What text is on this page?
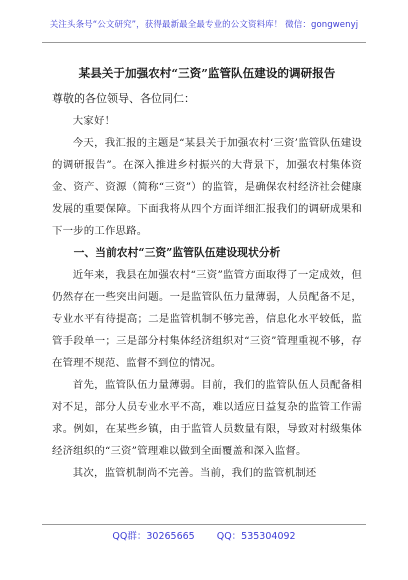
关注头条号“公文研究”，获得最新最全最专业的公文资料库！ 微信：gongwenyj

某县关于加强农村“三资”监管队伍建设的调研报告

尊敬的各位领导、各位同仁：

大家好！

今天，我汇报的主题是“某县关于加强农村‘三资’监管队伍建设的调研报告”。在深入推进乡村振兴的大背景下，加强农村集体资金、资产、资源（简称“三资”）的监管，是确保农村经济社会健康发展的重要保障。下面我将从四个方面详细汇报我们的调研成果和下一步的工作思路。

一、当前农村“三资”监管队伍建设现状分析

近年来，我县在加强农村“三资”监管方面取得了一定成效，但仍然存在一些突出问题。一是监管队伍力量薄弱，人员配备不足，专业水平有待提高；二是监管机制不够完善，信息化水平较低，监管手段单一；三是部分村集体经济组织对“三资”管理重视不够，存在管理不规范、监督不到位的情况。

首先，监管队伍力量薄弱。目前，我们的监管队伍人员配备相对不足，部分人员专业水平不高，难以适应日益复杂的监管工作需求。例如，在某些乡镇，由于监管人员数量有限，导致对村级集体经济组织的“三资”管理难以做到全面覆盖和深入监督。

其次，监管机制尚不完善。当前，我们的监管机制还

QQ群：30265665 QQ：535304092
